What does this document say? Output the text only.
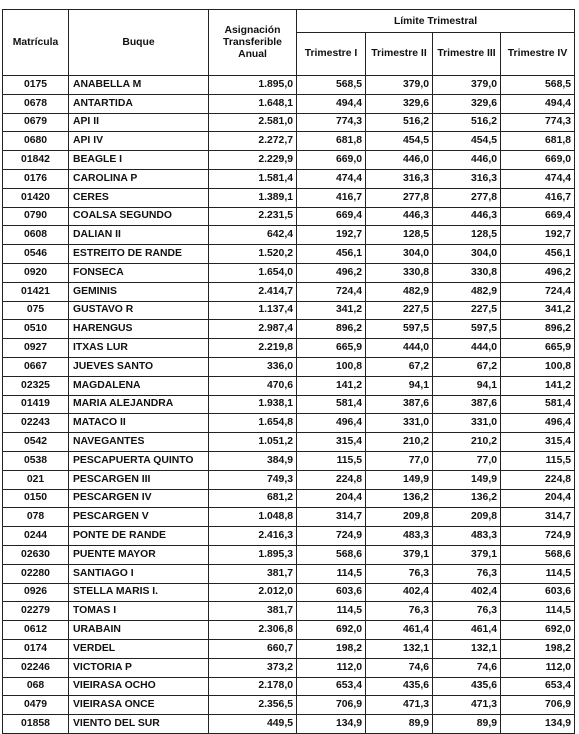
Matrícula	Buque	Asignación Transferible Anual	Límite Trimestral			
			Trimestre I	Trimestre II	Trimestre III	Trimestre IV
0175	ANABELLA M	1.895,0	568,5	379,0	379,0	568,5
0678	ANTARTIDA	1.648,1	494,4	329,6	329,6	494,4
0679	API II	2.581,0	774,3	516,2	516,2	774,3
0680	API IV	2.272,7	681,8	454,5	454,5	681,8
01842	BEAGLE I	2.229,9	669,0	446,0	446,0	669,0
0176	CAROLINA P	1.581,4	474,4	316,3	316,3	474,4
01420	CERES	1.389,1	416,7	277,8	277,8	416,7
0790	COALSA SEGUNDO	2.231,5	669,4	446,3	446,3	669,4
0608	DALIAN II	642,4	192,7	128,5	128,5	192,7
0546	ESTREITO DE RANDE	1.520,2	456,1	304,0	304,0	456,1
0920	FONSECA	1.654,0	496,2	330,8	330,8	496,2
01421	GEMINIS	2.414,7	724,4	482,9	482,9	724,4
075	GUSTAVO R	1.137,4	341,2	227,5	227,5	341,2
0510	HARENGUS	2.987,4	896,2	597,5	597,5	896,2
0927	ITXAS LUR	2.219,8	665,9	444,0	444,0	665,9
0667	JUEVES SANTO	336,0	100,8	67,2	67,2	100,8
02325	MAGDALENA	470,6	141,2	94,1	94,1	141,2
01419	MARIA ALEJANDRA	1.938,1	581,4	387,6	387,6	581,4
02243	MATACO II	1.654,8	496,4	331,0	331,0	496,4
0542	NAVEGANTES	1.051,2	315,4	210,2	210,2	315,4
0538	PESCAPUERTA QUINTO	384,9	115,5	77,0	77,0	115,5
021	PESCARGEN III	749,3	224,8	149,9	149,9	224,8
0150	PESCARGEN IV	681,2	204,4	136,2	136,2	204,4
078	PESCARGEN V	1.048,8	314,7	209,8	209,8	314,7
0244	PONTE DE RANDE	2.416,3	724,9	483,3	483,3	724,9
02630	PUENTE MAYOR	1.895,3	568,6	379,1	379,1	568,6
02280	SANTIAGO I	381,7	114,5	76,3	76,3	114,5
0926	STELLA MARIS I.	2.012,0	603,6	402,4	402,4	603,6
02279	TOMAS I	381,7	114,5	76,3	76,3	114,5
0612	URABAIN	2.306,8	692,0	461,4	461,4	692,0
0174	VERDEL	660,7	198,2	132,1	132,1	198,2
02246	VICTORIA P	373,2	112,0	74,6	74,6	112,0
068	VIEIRASA OCHO	2.178,0	653,4	435,6	435,6	653,4
0479	VIEIRASA ONCE	2.356,5	706,9	471,3	471,3	706,9
01858	VIENTO DEL SUR	449,5	134,9	89,9	89,9	134,9
